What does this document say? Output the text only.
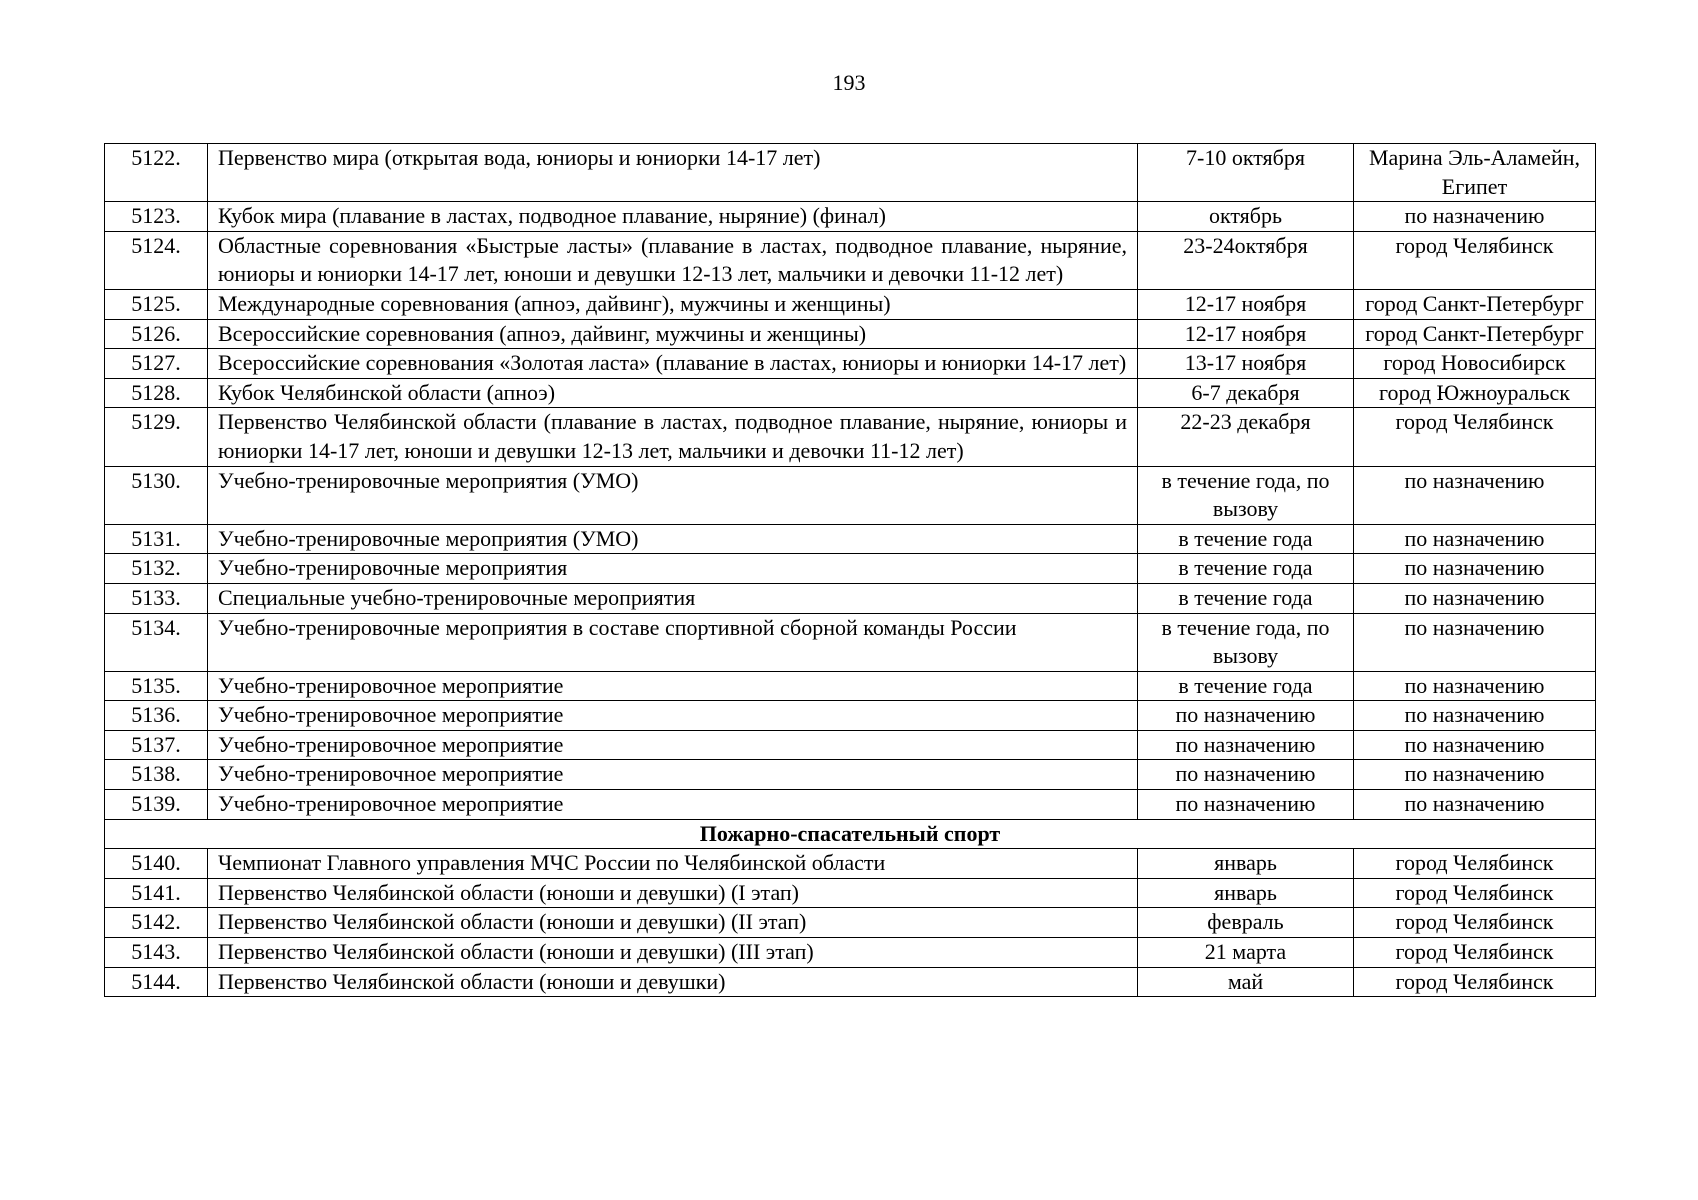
193
5122.	Первенство мира (открытая вода, юниоры и юниорки 14-17 лет)	7-10 октября	Марина Эль-Аламейн, Египет
5123.	Кубок мира (плавание в ластах, подводное плавание, ныряние) (финал)	октябрь	по назначению
5124.	Областные соревнования «Быстрые ласты» (плавание в ластах, подводное плавание, ныряние, юниоры и юниорки 14-17 лет, юноши и девушки 12-13 лет, мальчики и девочки 11-12 лет)	23-24октября	город Челябинск
5125.	Международные соревнования (апноэ, дайвинг), мужчины и женщины)	12-17 ноября	город Санкт-Петербург
5126.	Всероссийские соревнования (апноэ, дайвинг, мужчины и женщины)	12-17 ноября	город Санкт-Петербург
5127.	Всероссийские соревнования «Золотая ласта» (плавание в ластах, юниоры и юниорки 14-17 лет)	13-17 ноября	город Новосибирск
5128.	Кубок Челябинской области (апноэ)	6-7 декабря	город Южноуральск
5129.	Первенство Челябинской области (плавание в ластах, подводное плавание, ныряние, юниоры и юниорки 14-17 лет, юноши и девушки 12-13 лет, мальчики и девочки 11-12 лет)	22-23 декабря	город Челябинск
5130.	Учебно-тренировочные мероприятия (УМО)	в течение года, по вызову	по назначению
5131.	Учебно-тренировочные мероприятия (УМО)	в течение года	по назначению
5132.	Учебно-тренировочные мероприятия	в течение года	по назначению
5133.	Специальные учебно-тренировочные мероприятия	в течение года	по назначению
5134.	Учебно-тренировочные мероприятия в составе спортивной сборной команды России	в течение года, по вызову	по назначению
5135.	Учебно-тренировочное мероприятие	в течение года	по назначению
5136.	Учебно-тренировочное мероприятие	по назначению	по назначению
5137.	Учебно-тренировочное мероприятие	по назначению	по назначению
5138.	Учебно-тренировочное мероприятие	по назначению	по назначению
5139.	Учебно-тренировочное мероприятие	по назначению	по назначению
Пожарно-спасательный спорт			
5140.	Чемпионат Главного управления МЧС России по Челябинской области	январь	город Челябинск
5141.	Первенство Челябинской области (юноши и девушки) (I этап)	январь	город Челябинск
5142.	Первенство Челябинской области (юноши и девушки) (II этап)	февраль	город Челябинск
5143.	Первенство Челябинской области (юноши и девушки) (III этап)	21 марта	город Челябинск
5144.	Первенство Челябинской области (юноши и девушки)	май	город Челябинск
